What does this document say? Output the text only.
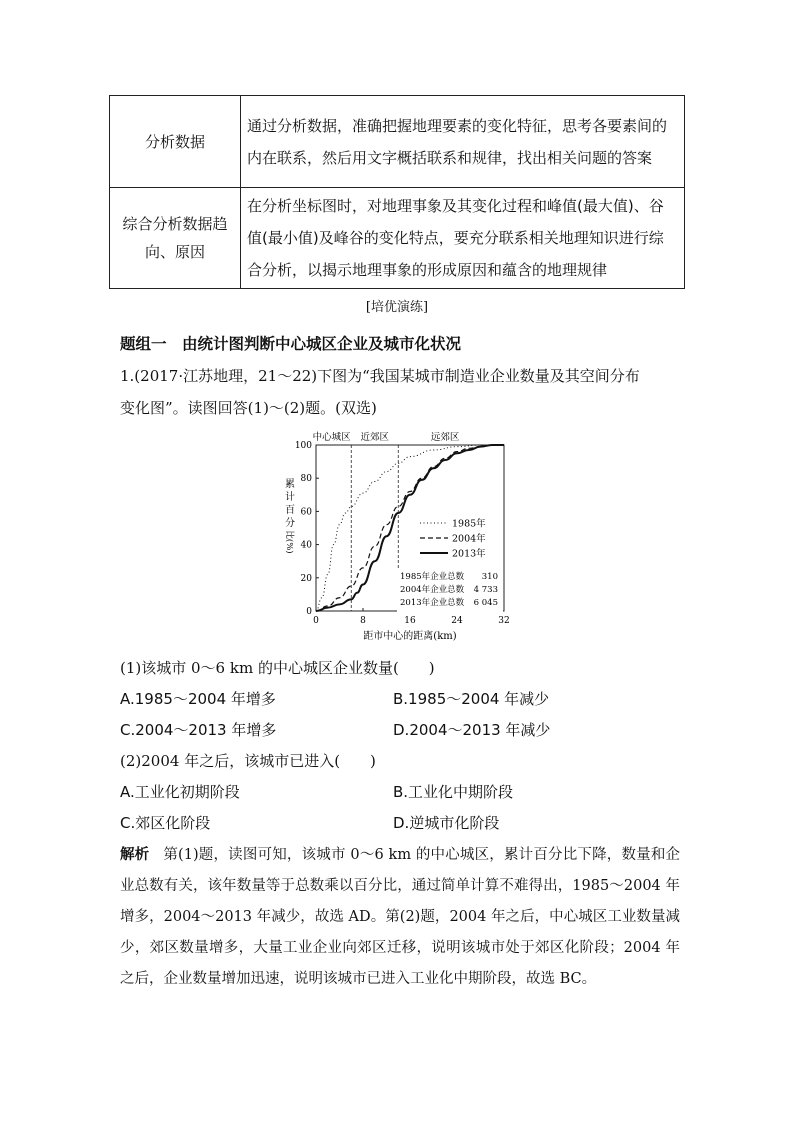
分析数据	通过分析数据，准确把握地理要素的变化特征，思考各要素间的内在联系，然后用文字概括联系和规律，找出相关问题的答案
综合分析数据趋向、原因	在分析坐标图时，对地理事象及其变化过程和峰值(最大值)、谷值(最小值)及峰谷的变化特点，要充分联系相关地理知识进行综合分析，以揭示地理事象的形成原因和蕴含的地理规律
[培优演练]
题组一　由统计图判断中心城区企业及城市化状况
1.(2017·江苏地理，21～22)下图为“我国某城市制造业企业数量及其空间分布
变化图”。读图回答(1)～(2)题。(双选)
0
20
40
60
80
100
0	8	16	24	32
中心城区 近郊区	远郊区
累
计
百
分
比(%)
距市中心的距离(km)
1985年
2004年
2013年
1985年企业总数 310
2004年企业总数 4 733
2013年企业总数 6 045
(1)该城市 0～6 km 的中心城区企业数量(　　)
A.1985～2004 年增多	B.1985～2004 年减少
C.2004～2013 年增多	D.2004～2013 年减少
(2)2004 年之后，该城市已进入(　　)
A.工业化初期阶段	B.工业化中期阶段
C.郊区化阶段	D.逆城市化阶段
解析 第(1)题，读图可知，该城市 0～6 km 的中心城区，累计百分比下降，数量和企业总数有关，该年数量等于总数乘以百分比，通过简单计算不难得出，1985～2004 年增多，2004～2013 年减少，故选 AD。第(2)题，2004 年之后，中心城区工业数量减少，郊区数量增多，大量工业企业向郊区迁移，说明该城市处于郊区化阶段；2004 年之后，企业数量增加迅速，说明该城市已进入工业化中期阶段，故选 BC。
